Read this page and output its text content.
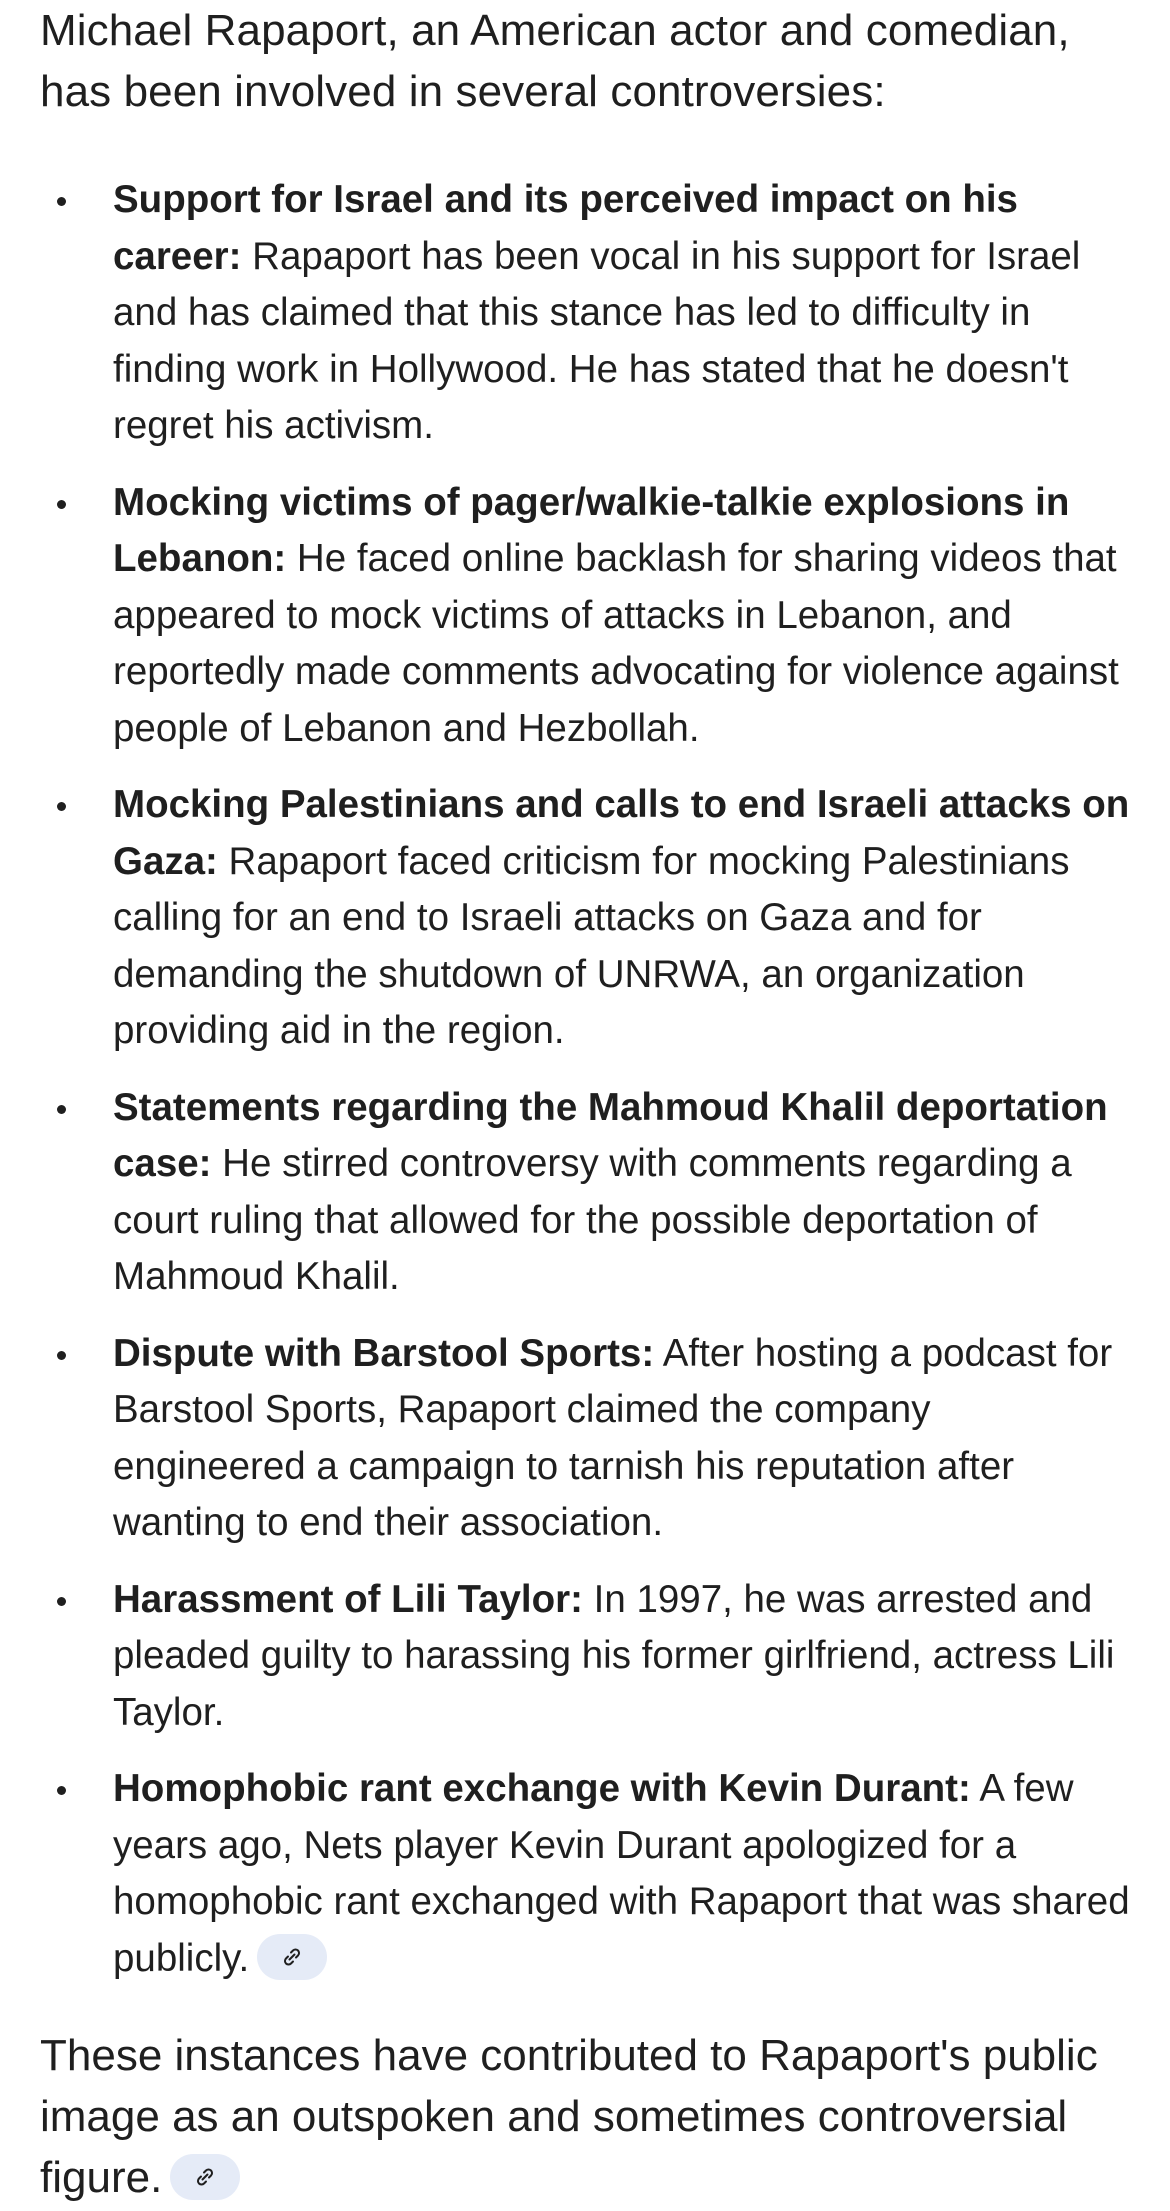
Michael Rapaport, an American actor and comedian, has been involved in several controversies:

Support for Israel and its perceived impact on his career: Rapaport has been vocal in his support for Israel and has claimed that this stance has led to difficulty in finding work in Hollywood. He has stated that he doesn't regret his activism.
Mocking victims of pager/walkie-talkie explosions in Lebanon: He faced online backlash for sharing videos that appeared to mock victims of attacks in Lebanon, and reportedly made comments advocating for violence against people of Lebanon and Hezbollah.
Mocking Palestinians and calls to end Israeli attacks on Gaza: Rapaport faced criticism for mocking Palestinians calling for an end to Israeli attacks on Gaza and for demanding the shutdown of UNRWA, an organization providing aid in the region.
Statements regarding the Mahmoud Khalil deportation case: He stirred controversy with comments regarding a court ruling that allowed for the possible deportation of Mahmoud Khalil.
Dispute with Barstool Sports: After hosting a podcast for Barstool Sports, Rapaport claimed the company engineered a campaign to tarnish his reputation after wanting to end their association.
Harassment of Lili Taylor: In 1997, he was arrested and pleaded guilty to harassing his former girlfriend, actress Lili Taylor.
Homophobic rant exchange with Kevin Durant: A few years ago, Nets player Kevin Durant apologized for a homophobic rant exchanged with Rapaport that was shared publicly.

These instances have contributed to Rapaport's public image as an outspoken and sometimes controversial figure.
